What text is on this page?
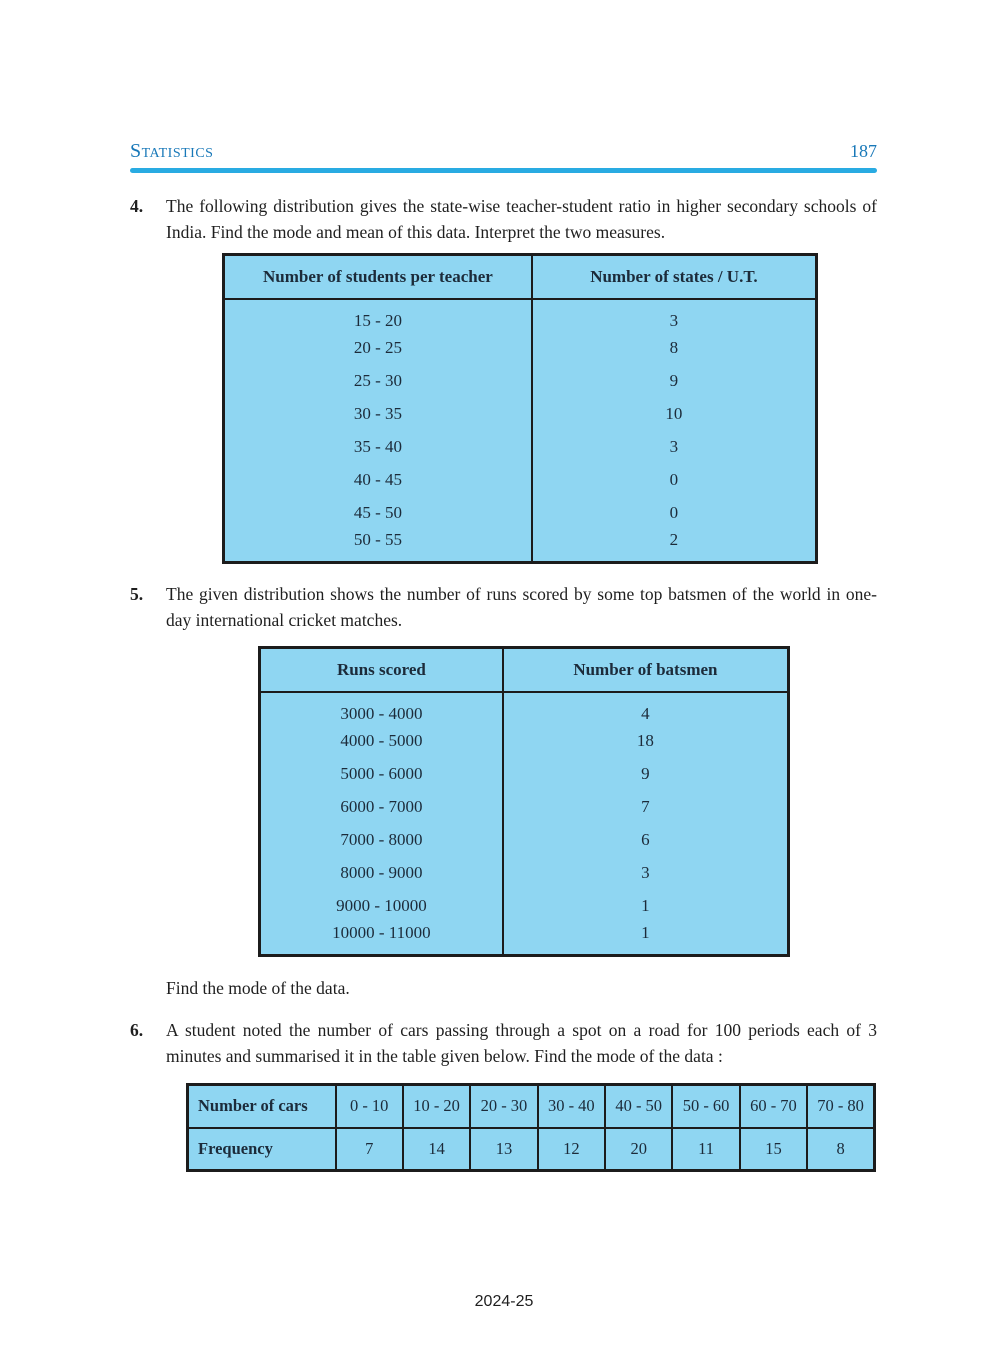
Statistics	187
4.	The following distribution gives the state-wise teacher-student ratio in higher secondary schools of India. Find the mode and mean of this data. Interpret the two measures.

Number of students per teacher	Number of states / U.T.
15 - 20	3
20 - 25	8
25 - 30	9
30 - 35	10
35 - 40	3
40 - 45	0
45 - 50	0
50 - 55	2
5.	The given distribution shows the number of runs scored by some top batsmen of the world in one-day international cricket matches.

Runs scored	Number of batsmen
3000 - 4000	4
4000 - 5000	18
5000 - 6000	9
6000 - 7000	7
7000 - 8000	6
8000 - 9000	3
9000 - 10000	1
10000 - 11000	1

Find the mode of the data.

6.	A student noted the number of cars passing through a spot on a road for 100 periods each of 3 minutes and summarised it in the table given below. Find the mode of the data :

Number of cars	0 - 10	10 - 20	20 - 30	30 - 40	40 - 50	50 - 60	60 - 70	70 - 80
Frequency	7	14	13	12	20	11	15	8
2024-25
